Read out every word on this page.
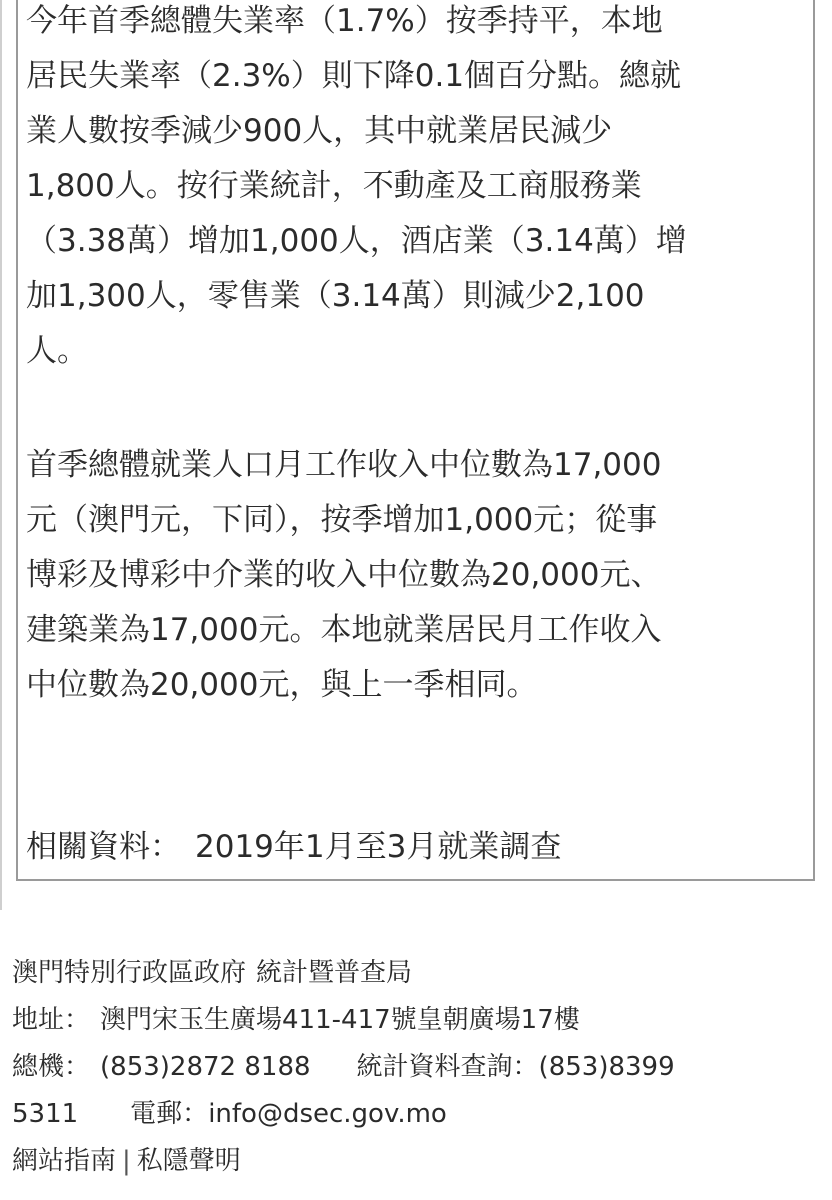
今年首季總體失業率（1.7%）按季持平，本地
居民失業率（2.3%）則下降0.1個百分點。總就
業人數按季減少900人，其中就業居民減少
1,800人。按行業統計，不動產及工商服務業
（3.38萬）增加1,000人，酒店業（3.14萬）增
加1,300人，零售業（3.14萬）則減少2,100
人。

首季總體就業人口月工作收入中位數為17,000
元（澳門元，下同），按季增加1,000元；從事
博彩及博彩中介業的收入中位數為20,000元、
建築業為17,000元。本地就業居民月工作收入
中位數為20,000元，與上一季相同。

相關資料： 2019年1月至3月就業調查

澳門特別行政區政府 統計暨普查局
地址： 澳門宋玉生廣場411-417號皇朝廣場17樓
總機： (853)2872 8188 統計資料查詢：(853)8399
5311 電郵：info@dsec.gov.mo
網站指南 | 私隱聲明
